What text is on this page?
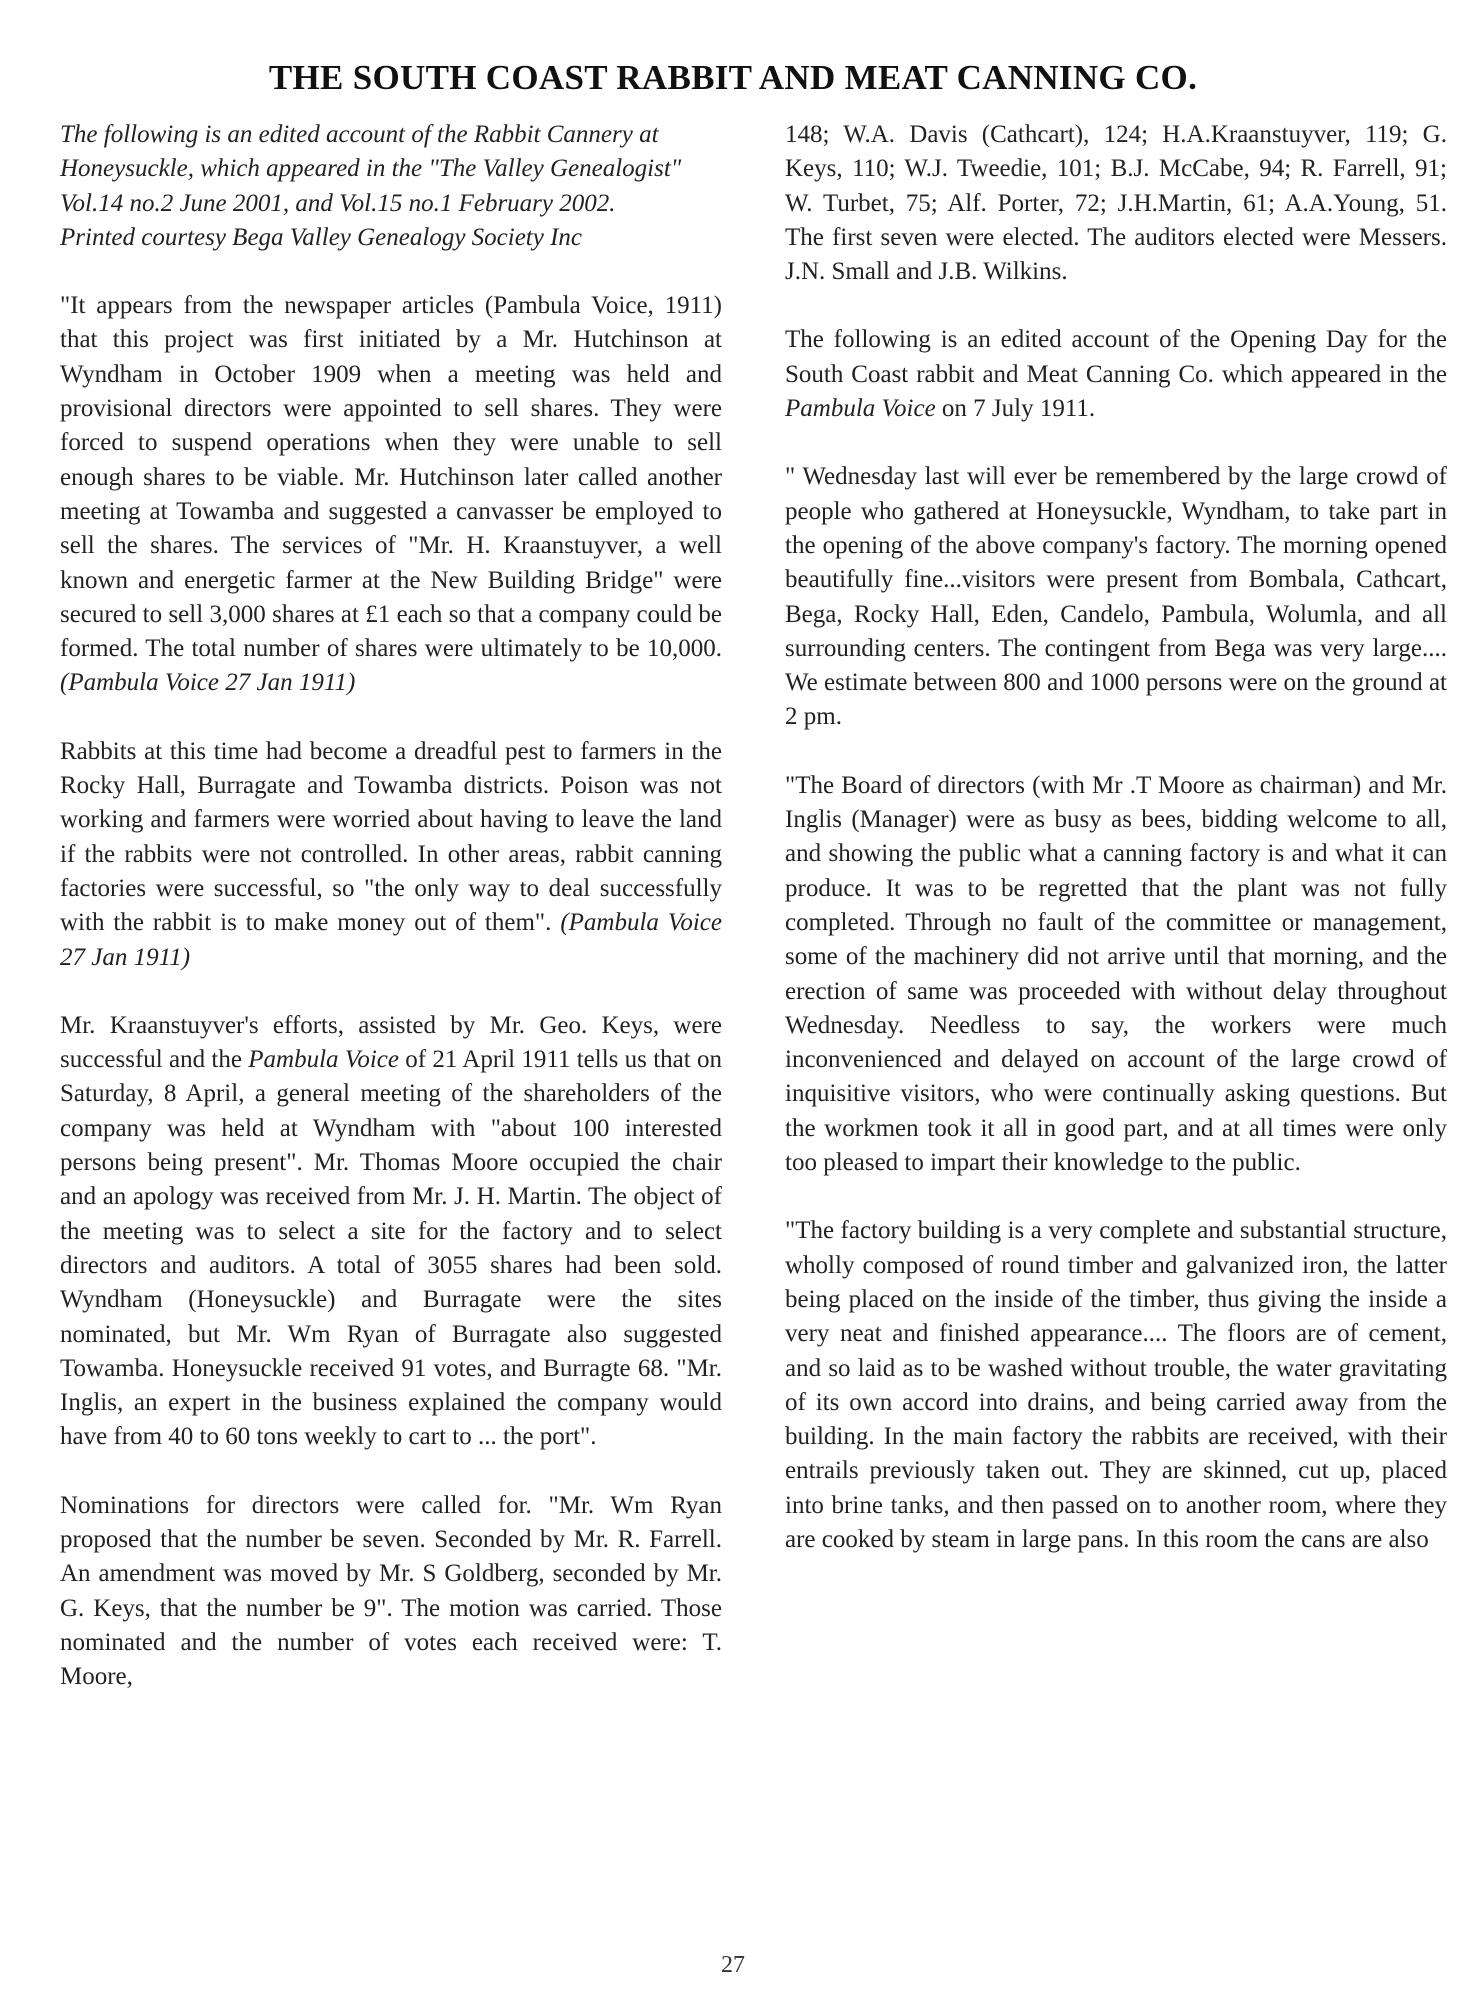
THE SOUTH COAST RABBIT AND MEAT CANNING CO.

The following is an edited account of the Rabbit Cannery at Honeysuckle, which appeared in the "The Valley Genealogist" Vol.14 no.2 June 2001, and Vol.15 no.1 February 2002.
Printed courtesy Bega Valley Genealogy Society Inc

"It appears from the newspaper articles (Pambula Voice, 1911) that this project was first initiated by a Mr. Hutchinson at Wyndham in October 1909 when a meeting was held and provisional directors were appointed to sell shares. They were forced to suspend operations when they were unable to sell enough shares to be viable. Mr. Hutchinson later called another meeting at Towamba and suggested a canvasser be employed to sell the shares. The services of "Mr. H. Kraanstuyver, a well known and energetic farmer at the New Building Bridge" were secured to sell 3,000 shares at £1 each so that a company could be formed. The total number of shares were ultimately to be 10,000. (Pambula Voice 27 Jan 1911)

Rabbits at this time had become a dreadful pest to farmers in the Rocky Hall, Burragate and Towamba districts. Poison was not working and farmers were worried about having to leave the land if the rabbits were not controlled. In other areas, rabbit canning factories were successful, so "the only way to deal successfully with the rabbit is to make money out of them". (Pambula Voice 27 Jan 1911)

Mr. Kraanstuyver's efforts, assisted by Mr. Geo. Keys, were successful and the Pambula Voice of 21 April 1911 tells us that on Saturday, 8 April, a general meeting of the shareholders of the company was held at Wyndham with "about 100 interested persons being present". Mr. Thomas Moore occupied the chair and an apology was received from Mr. J. H. Martin. The object of the meeting was to select a site for the factory and to select directors and auditors. A total of 3055 shares had been sold. Wyndham (Honeysuckle) and Burragate were the sites nominated, but Mr. Wm Ryan of Burragate also suggested Towamba. Honeysuckle received 91 votes, and Burragte 68. "Mr. Inglis, an expert in the business explained the company would have from 40 to 60 tons weekly to cart to ... the port".

Nominations for directors were called for. "Mr. Wm Ryan proposed that the number be seven. Seconded by Mr. R. Farrell. An amendment was moved by Mr. S Goldberg, seconded by Mr. G. Keys, that the number be 9". The motion was carried. Those nominated and the number of votes each received were: T. Moore,

148; W.A. Davis (Cathcart), 124; H.A.Kraanstuyver, 119; G. Keys, 110; W.J. Tweedie, 101; B.J. McCabe, 94; R. Farrell, 91; W. Turbet, 75; Alf. Porter, 72; J.H.Martin, 61; A.A.Young, 51. The first seven were elected. The auditors elected were Messers. J.N. Small and J.B. Wilkins.

The following is an edited account of the Opening Day for the South Coast rabbit and Meat Canning Co. which appeared in the Pambula Voice on 7 July 1911.

" Wednesday last will ever be remembered by the large crowd of people who gathered at Honeysuckle, Wyndham, to take part in the opening of the above company's factory. The morning opened beautifully fine...visitors were present from Bombala, Cathcart, Bega, Rocky Hall, Eden, Candelo, Pambula, Wolumla, and all surrounding centers. The contingent from Bega was very large.... We estimate between 800 and 1000 persons were on the ground at 2 pm.

"The Board of directors (with Mr .T Moore as chairman) and Mr. Inglis (Manager) were as busy as bees, bidding welcome to all, and showing the public what a canning factory is and what it can produce. It was to be regretted that the plant was not fully completed. Through no fault of the committee or management, some of the machinery did not arrive until that morning, and the erection of same was proceeded with without delay throughout Wednesday. Needless to say, the workers were much inconvenienced and delayed on account of the large crowd of inquisitive visitors, who were continually asking questions. But the workmen took it all in good part, and at all times were only too pleased to impart their knowledge to the public.

"The factory building is a very complete and substantial structure, wholly composed of round timber and galvanized iron, the latter being placed on the inside of the timber, thus giving the inside a very neat and finished appearance.... The floors are of cement, and so laid as to be washed without trouble, the water gravitating of its own accord into drains, and being carried away from the building. In the main factory the rabbits are received, with their entrails previously taken out. They are skinned, cut up, placed into brine tanks, and then passed on to another room, where they are cooked by steam in large pans. In this room the cans are also

27
